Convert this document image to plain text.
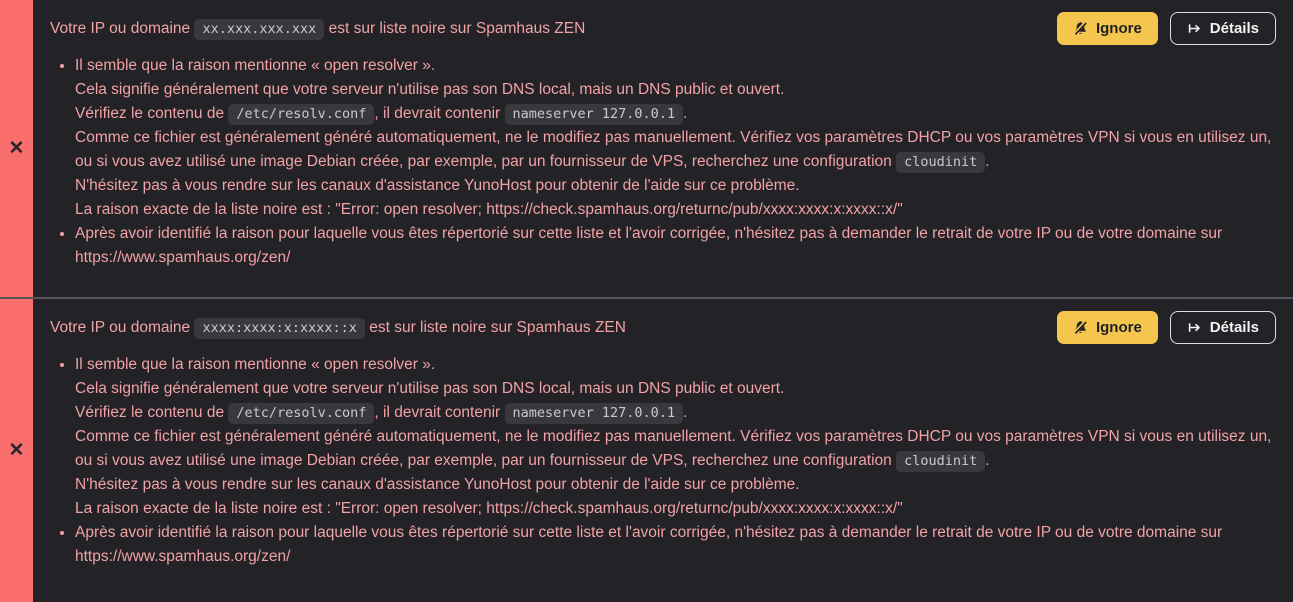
✕
Votre IP ou domaine xx.xxx.xxx.xxx est sur liste noire sur Spamhaus ZEN	Ignore	Détails
• Il semble que la raison mentionne « open resolver ».
Cela signifie généralement que votre serveur n'utilise pas son DNS local, mais un DNS public et ouvert.
Vérifiez le contenu de /etc/resolv.conf , il devrait contenir nameserver 127.0.0.1 .
Comme ce fichier est généralement généré automatiquement, ne le modifiez pas manuellement. Vérifiez vos paramètres DHCP ou vos paramètres VPN si vous en utilisez un, ou si vous avez utilisé une image Debian créée, par exemple, par un fournisseur de VPS, recherchez une configuration cloudinit .
N'hésitez pas à vous rendre sur les canaux d'assistance YunoHost pour obtenir de l'aide sur ce problème.
La raison exacte de la liste noire est : "Error: open resolver; https://check.spamhaus.org/returnc/pub/xxxx:xxxx:x:xxxx::x/"
• Après avoir identifié la raison pour laquelle vous êtes répertorié sur cette liste et l'avoir corrigée, n'hésitez pas à demander le retrait de votre IP ou de votre domaine sur https://www.spamhaus.org/zen/
✕
Votre IP ou domaine xxxx:xxxx:x:xxxx::x est sur liste noire sur Spamhaus ZEN	Ignore	Détails
• Il semble que la raison mentionne « open resolver ».
Cela signifie généralement que votre serveur n'utilise pas son DNS local, mais un DNS public et ouvert.
Vérifiez le contenu de /etc/resolv.conf , il devrait contenir nameserver 127.0.0.1 .
Comme ce fichier est généralement généré automatiquement, ne le modifiez pas manuellement. Vérifiez vos paramètres DHCP ou vos paramètres VPN si vous en utilisez un, ou si vous avez utilisé une image Debian créée, par exemple, par un fournisseur de VPS, recherchez une configuration cloudinit .
N'hésitez pas à vous rendre sur les canaux d'assistance YunoHost pour obtenir de l'aide sur ce problème.
La raison exacte de la liste noire est : "Error: open resolver; https://check.spamhaus.org/returnc/pub/xxxx:xxxx:x:xxxx::x/"
• Après avoir identifié la raison pour laquelle vous êtes répertorié sur cette liste et l'avoir corrigée, n'hésitez pas à demander le retrait de votre IP ou de votre domaine sur https://www.spamhaus.org/zen/
